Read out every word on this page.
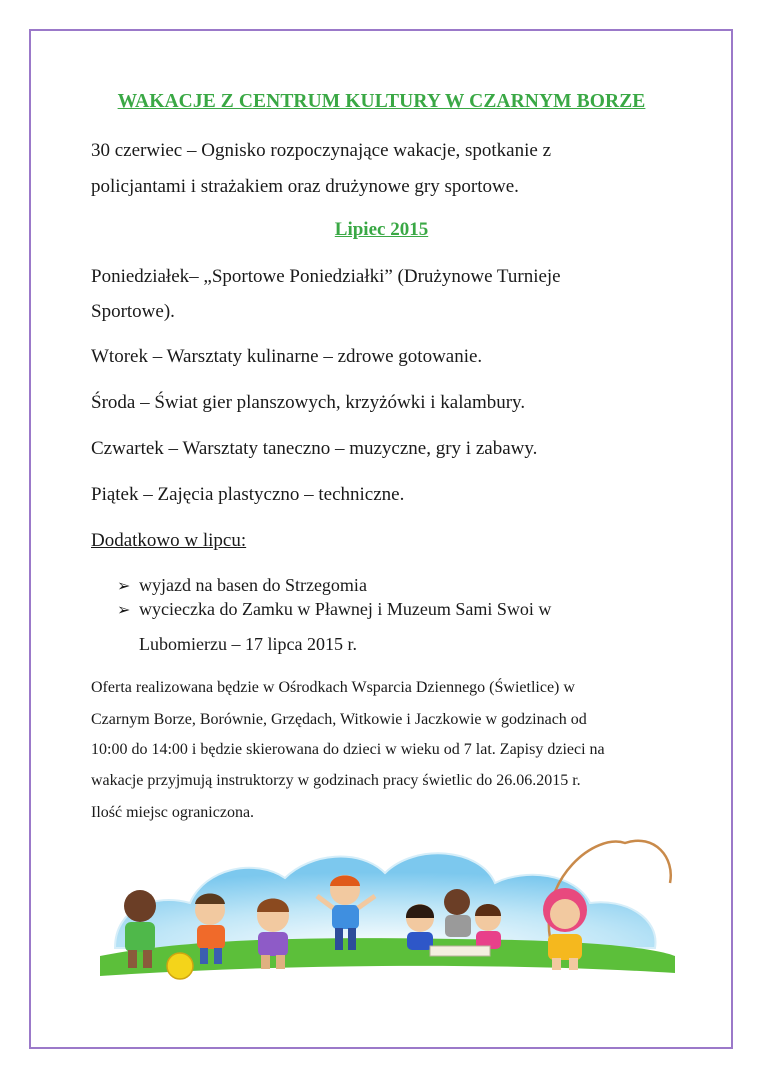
WAKACJE Z CENTRUM KULTURY W CZARNYM BORZE
30 czerwiec – Ognisko rozpoczynające wakacje, spotkanie z
policjantami i strażakiem oraz drużynowe gry sportowe.
Lipiec 2015
Poniedziałek– „Sportowe Poniedziałki” (Drużynowe Turnieje
Sportowe).
Wtorek – Warsztaty kulinarne – zdrowe gotowanie.
Środa – Świat gier planszowych, krzyżówki i kalambury.
Czwartek – Warsztaty taneczno – muzyczne, gry i zabawy.
Piątek – Zajęcia plastyczno – techniczne.
Dodatkowo w lipcu:
➢ wyjazd na basen do Strzegomia
➢ wycieczka do Zamku w Pławnej i Muzeum Sami Swoi w
Lubomierzu – 17 lipca 2015 r.
Oferta realizowana będzie w Ośrodkach Wsparcia Dziennego (Świetlice) w
Czarnym Borze, Borównie, Grzędach, Witkowie i Jaczkowie w godzinach od
10:00 do 14:00 i będzie skierowana do dzieci w wieku od 7 lat. Zapisy dzieci na
wakacje przyjmują instruktorzy w godzinach pracy świetlic do 26.06.2015 r.
Ilość miejsc ograniczona.
